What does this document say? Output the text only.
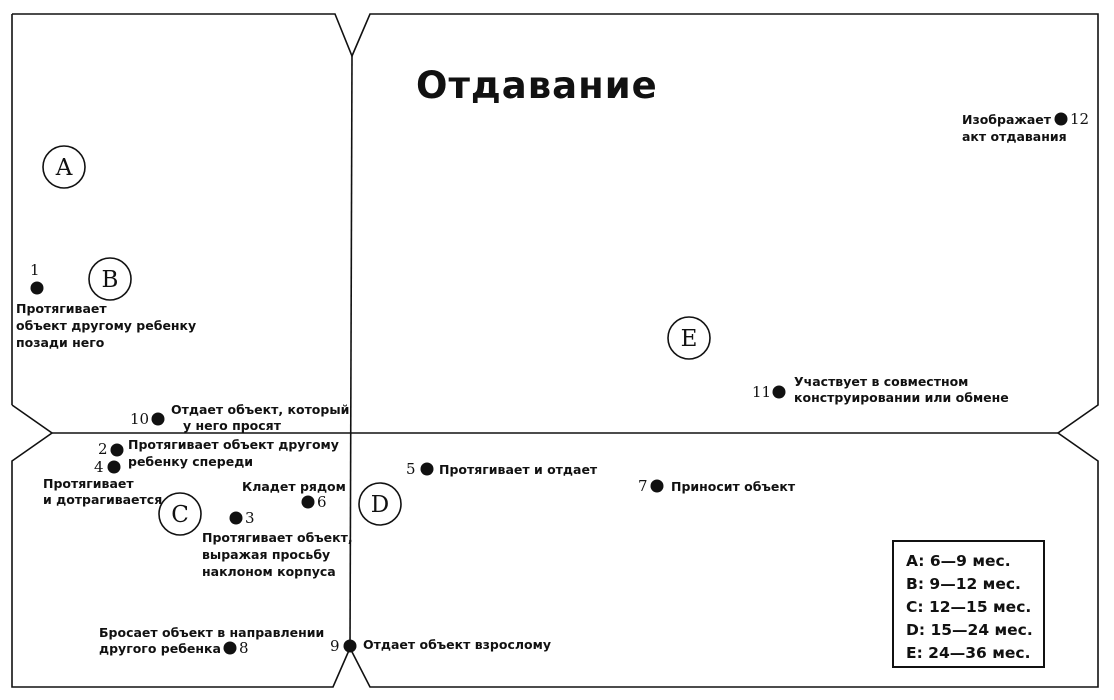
A
B
C	D
E
Отдавание
1
Протягивает
объект другому ребенку
позади него
10
Отдает объект, который
у него просят
2 Протягивает объект другому
ребенку спереди
4
Протягивает
и дотрагивается
Кладет рядом
6
3
Протягивает объект,
выражая просьбу
наклоном корпуса
Бросает объект в направлении
другого ребенка 8	9 Отдает объект взрослому
5 Протягивает и отдает
7 Приносит объект
11
Участвует в совместном
конструировании или обмене
Изображает
акт отдавания
12
A: 6—9 мес.
B: 9—12 мес.
C: 12—15 мес.
D: 15—24 мес.
E: 24—36 мес.
